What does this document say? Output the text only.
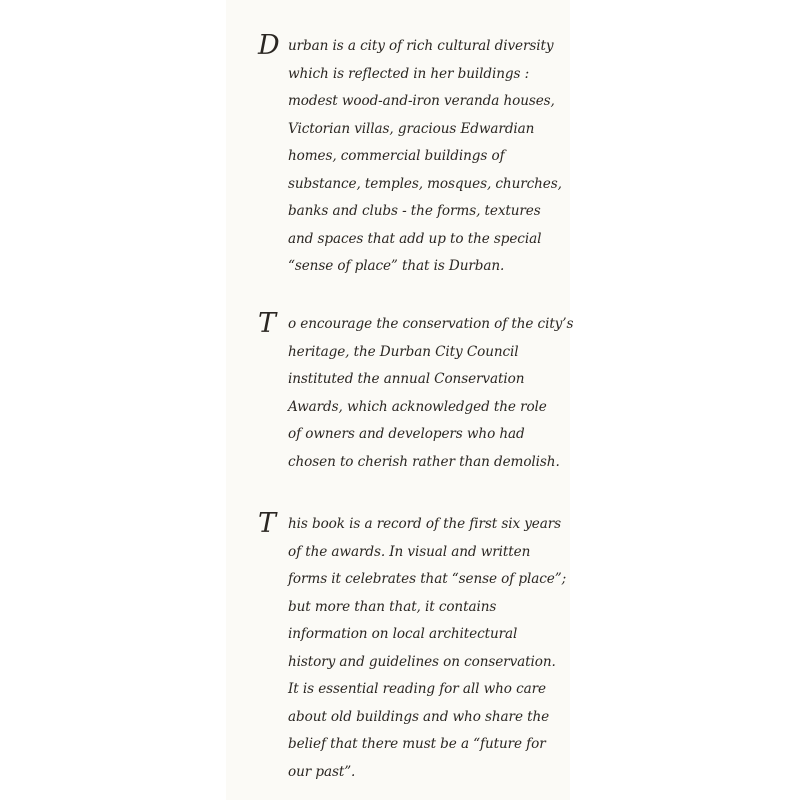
D urban is a city of rich cultural diversity
which is reflected in her buildings :
modest wood-and-iron veranda houses,
Victorian villas, gracious Edwardian
homes, commercial buildings of
substance, temples, mosques, churches,
banks and clubs - the forms, textures
and spaces that add up to the special
“sense of place” that is Durban.
T o encourage the conservation of the city’s
heritage, the Durban City Council
instituted the annual Conservation
Awards, which acknowledged the role
of owners and developers who had
chosen to cherish rather than demolish.
T his book is a record of the first six years
of the awards. In visual and written
forms it celebrates that “sense of place”;
but more than that, it contains
information on local architectural
history and guidelines on conservation.
It is essential reading for all who care
about old buildings and who share the
belief that there must be a “future for
our past”.
